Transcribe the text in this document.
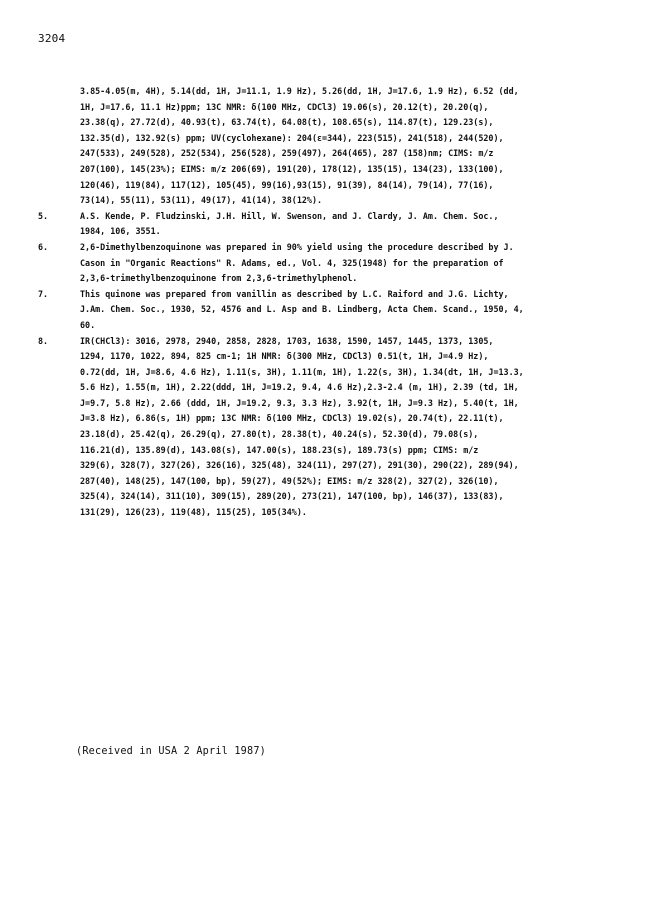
3204
3.85-4.05(m, 4H), 5.14(dd, 1H, J=11.1, 1.9 Hz), 5.26(dd, 1H, J=17.6, 1.9 Hz), 6.52 (dd,
1H, J=17.6, 11.1 Hz)ppm; 13C NMR: δ(100 MHz, CDCl3) 19.06(s), 20.12(t), 20.20(q),
23.38(q), 27.72(d), 40.93(t), 63.74(t), 64.08(t), 108.65(s), 114.87(t), 129.23(s),
132.35(d), 132.92(s) ppm; UV(cyclohexane): 204(ε=344), 223(515), 241(518), 244(520),
247(533), 249(528), 252(534), 256(528), 259(497), 264(465), 287 (158)nm; CIMS: m/z
207(100), 145(23%); EIMS: m/z 206(69), 191(20), 178(12), 135(15), 134(23), 133(100),
120(46), 119(84), 117(12), 105(45), 99(16),93(15), 91(39), 84(14), 79(14), 77(16),
73(14), 55(11), 53(11), 49(17), 41(14), 38(12%).
5.	A.S. Kende, P. Fludzinski, J.H. Hill, W. Swenson, and J. Clardy, J. Am. Chem. Soc.,
1984, 106, 3551.
6.	2,6-Dimethylbenzoquinone was prepared in 90% yield using the procedure described by J.
Cason in "Organic Reactions" R. Adams, ed., Vol. 4, 325(1948) for the preparation of
2,3,6-trimethylbenzoquinone from 2,3,6-trimethylphenol.
7.	This quinone was prepared from vanillin as described by L.C. Raiford and J.G. Lichty,
J.Am. Chem. Soc., 1930, 52, 4576 and L. Asp and B. Lindberg, Acta Chem. Scand., 1950, 4,
60.
8.	IR(CHCl3): 3016, 2978, 2940, 2858, 2828, 1703, 1638, 1590, 1457, 1445, 1373, 1305,
1294, 1170, 1022, 894, 825 cm-1; 1H NMR: δ(300 MHz, CDCl3) 0.51(t, 1H, J=4.9 Hz),
0.72(dd, 1H, J=8.6, 4.6 Hz), 1.11(s, 3H), 1.11(m, 1H), 1.22(s, 3H), 1.34(dt, 1H, J=13.3,
5.6 Hz), 1.55(m, 1H), 2.22(ddd, 1H, J=19.2, 9.4, 4.6 Hz),2.3-2.4 (m, 1H), 2.39 (td, 1H,
J=9.7, 5.8 Hz), 2.66 (ddd, 1H, J=19.2, 9.3, 3.3 Hz), 3.92(t, 1H, J=9.3 Hz), 5.40(t, 1H,
J=3.8 Hz), 6.86(s, 1H) ppm; 13C NMR: δ(100 MHz, CDCl3) 19.02(s), 20.74(t), 22.11(t),
23.18(d), 25.42(q), 26.29(q), 27.80(t), 28.38(t), 40.24(s), 52.30(d), 79.08(s),
116.21(d), 135.89(d), 143.08(s), 147.00(s), 188.23(s), 189.73(s) ppm; CIMS: m/z
329(6), 328(7), 327(26), 326(16), 325(48), 324(11), 297(27), 291(30), 290(22), 289(94),
287(40), 148(25), 147(100, bp), 59(27), 49(52%); EIMS: m/z 328(2), 327(2), 326(10),
325(4), 324(14), 311(10), 309(15), 289(20), 273(21), 147(100, bp), 146(37), 133(83),
131(29), 126(23), 119(48), 115(25), 105(34%).
(Received in USA 2 April 1987)
